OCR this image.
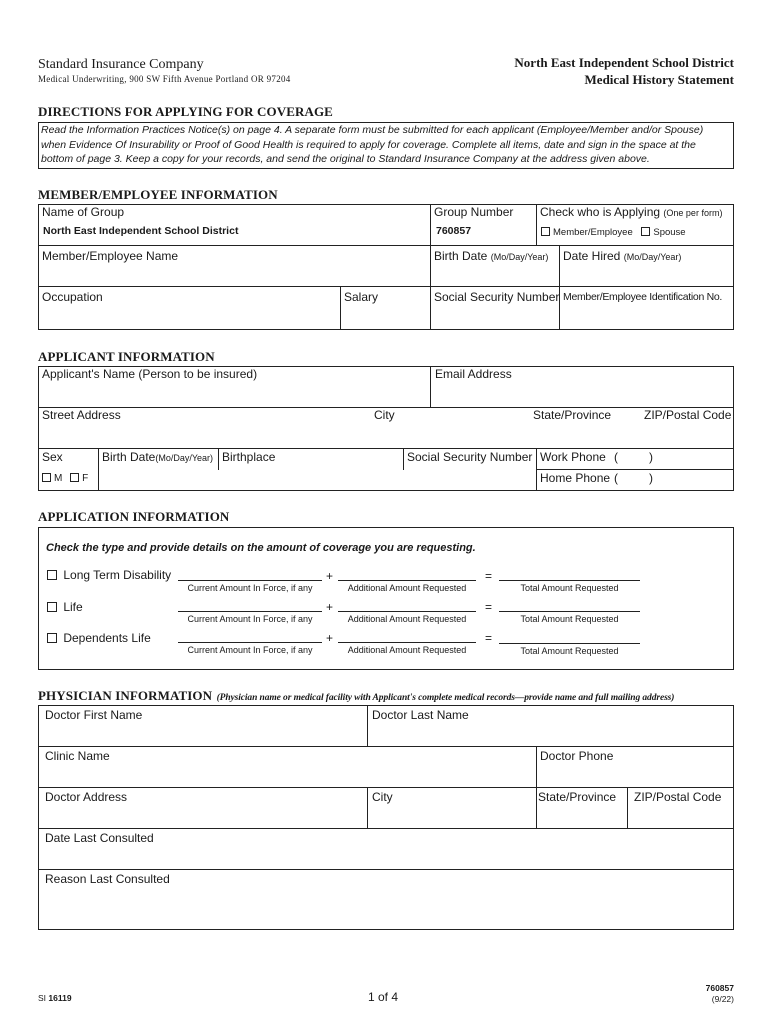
Standard Insurance Company
Medical Underwriting, 900 SW Fifth Avenue Portland OR 97204
North East Independent School District
Medical History Statement
DIRECTIONS FOR APPLYING FOR COVERAGE
Read the Information Practices Notice(s) on page 4. A separate form must be submitted for each applicant (Employee/Member and/or Spouse)
when Evidence Of Insurability or Proof of Good Health is required to apply for coverage. Complete all items, date and sign in the space at the
bottom of page 3. Keep a copy for your records, and send the original to Standard Insurance Company at the address given above.
MEMBER/EMPLOYEE INFORMATION
Name of Group
North East Independent School District
Group Number
760857
Check who is Applying (One per form)
Member/Employee Spouse
Member/Employee Name	Birth Date (Mo/Day/Year) Date Hired (Mo/Day/Year)
Occupation	Salary	Social Security Number Member/Employee Identification No.
APPLICANT INFORMATION
Applicant's Name (Person to be insured)	Email Address
Street Address	City	State/Province	ZIP/Postal Code
Sex
M F
Birth Date(Mo/Day/Year) Birthplace	Social Security Number Work Phone (	)
Home Phone (	)
APPLICATION INFORMATION
Check the type and provide details on the amount of coverage you are requesting.
Long Term Disability	+	=
Current Amount In Force, if any	Additional Amount Requested	Total Amount Requested
Life	+	=
Current Amount In Force, if any	Additional Amount Requested	Total Amount Requested
Dependents Life	+	=
Current Amount In Force, if any	Additional Amount Requested	Total Amount Requested
PHYSICIAN INFORMATION (Physician name or medical facility with Applicant's complete medical records—provide name and full mailing address)
Doctor First Name	Doctor Last Name
Clinic Name	Doctor Phone
Doctor Address	City	State/Province ZIP/Postal Code
Date Last Consulted
Reason Last Consulted
SI 16119	1 of 4
760857
(9/22)
